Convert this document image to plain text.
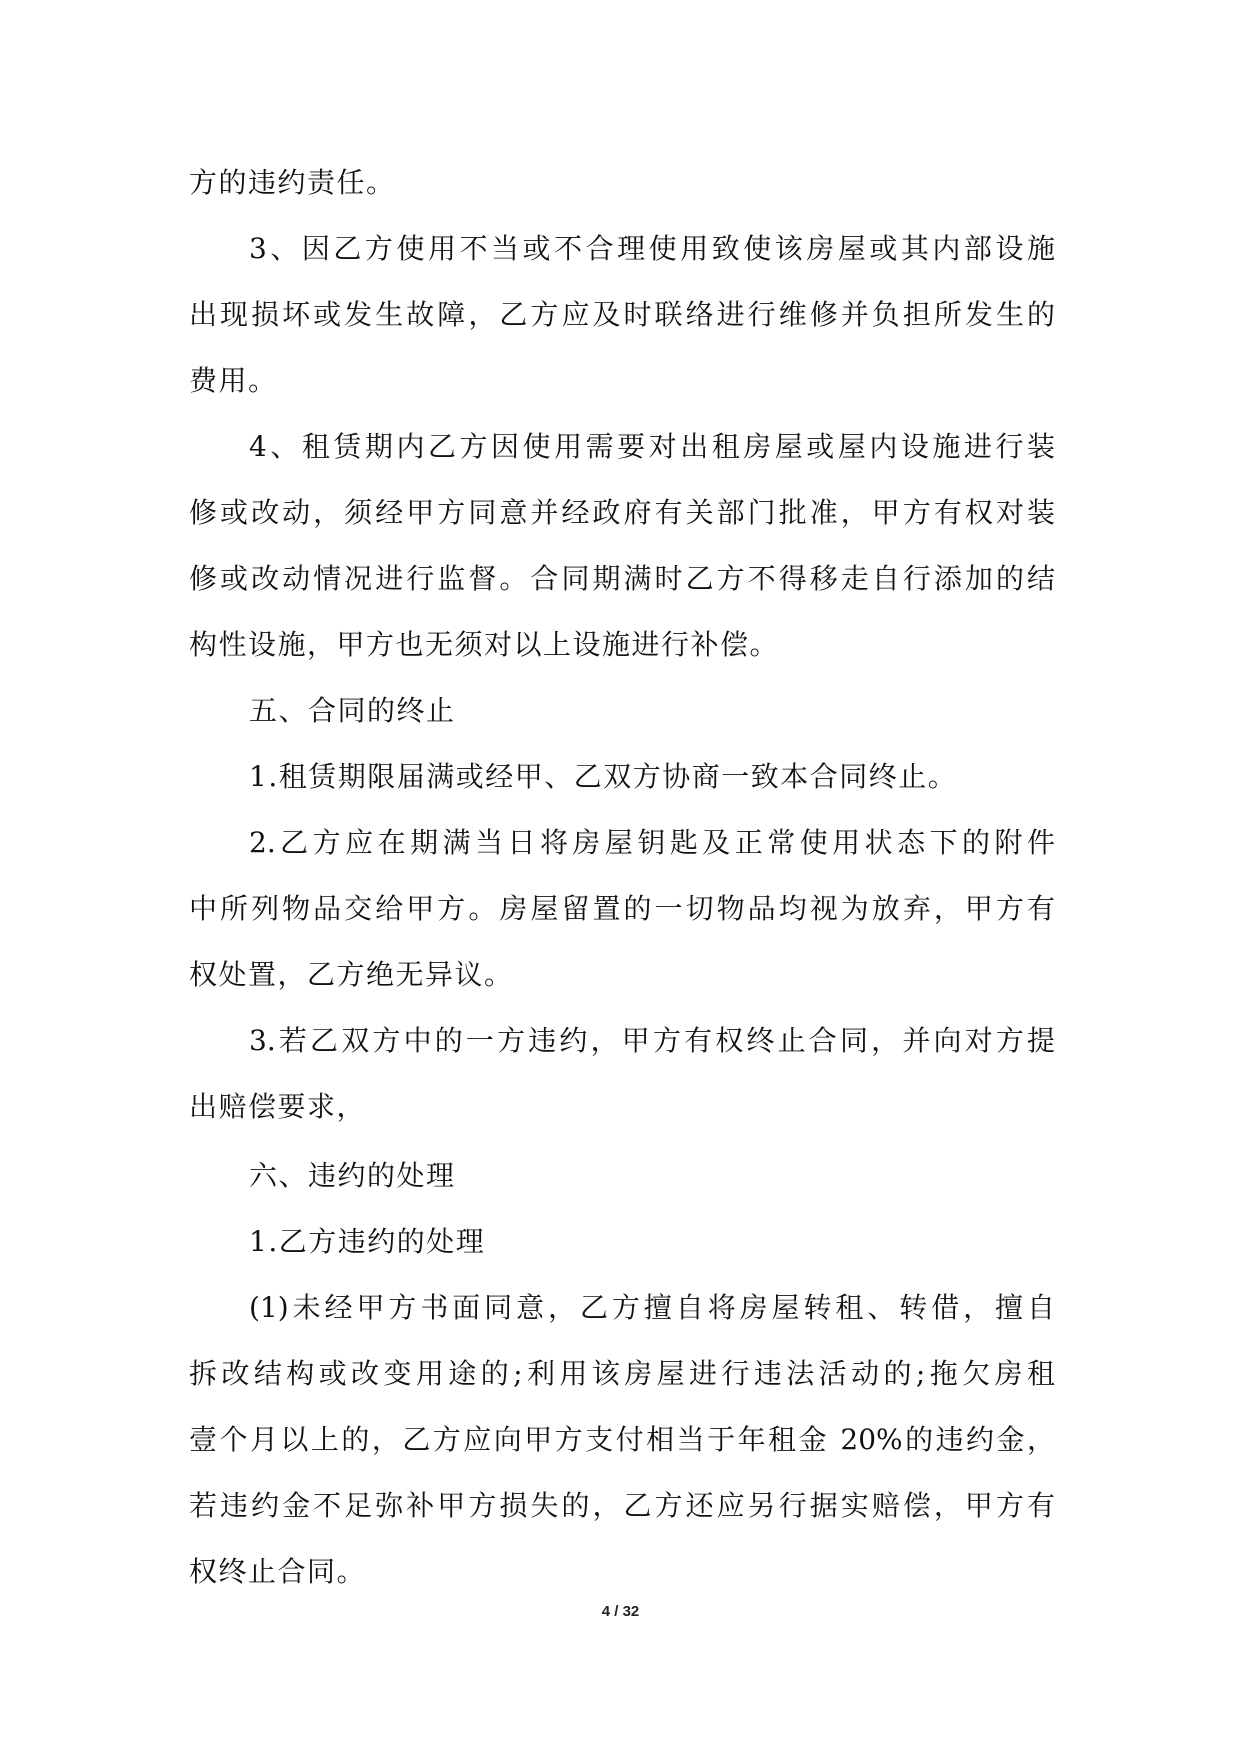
方的违约责任。
3、因乙方使用不当或不合理使用致使该房屋或其内部设施
出现损坏或发生故障，乙方应及时联络进行维修并负担所发生的
费用。
4、租赁期内乙方因使用需要对出租房屋或屋内设施进行装
修或改动，须经甲方同意并经政府有关部门批准，甲方有权对装
修或改动情况进行监督。合同期满时乙方不得移走自行添加的结
构性设施，甲方也无须对以上设施进行补偿。
五、合同的终止
1.租赁期限届满或经甲、乙双方协商一致本合同终止。
2.乙方应在期满当日将房屋钥匙及正常使用状态下的附件
中所列物品交给甲方。房屋留置的一切物品均视为放弃，甲方有
权处置，乙方绝无异议。
3.若乙双方中的一方违约，甲方有权终止合同，并向对方提
出赔偿要求，
六、违约的处理
1.乙方违约的处理
(1)未经甲方书面同意，乙方擅自将房屋转租、转借，擅自
拆改结构或改变用途的;利用该房屋进行违法活动的;拖欠房租
壹个月以上的，乙方应向甲方支付相当于年租金 20%的违约金，
若违约金不足弥补甲方损失的，乙方还应另行据实赔偿，甲方有
权终止合同。
4 / 32
